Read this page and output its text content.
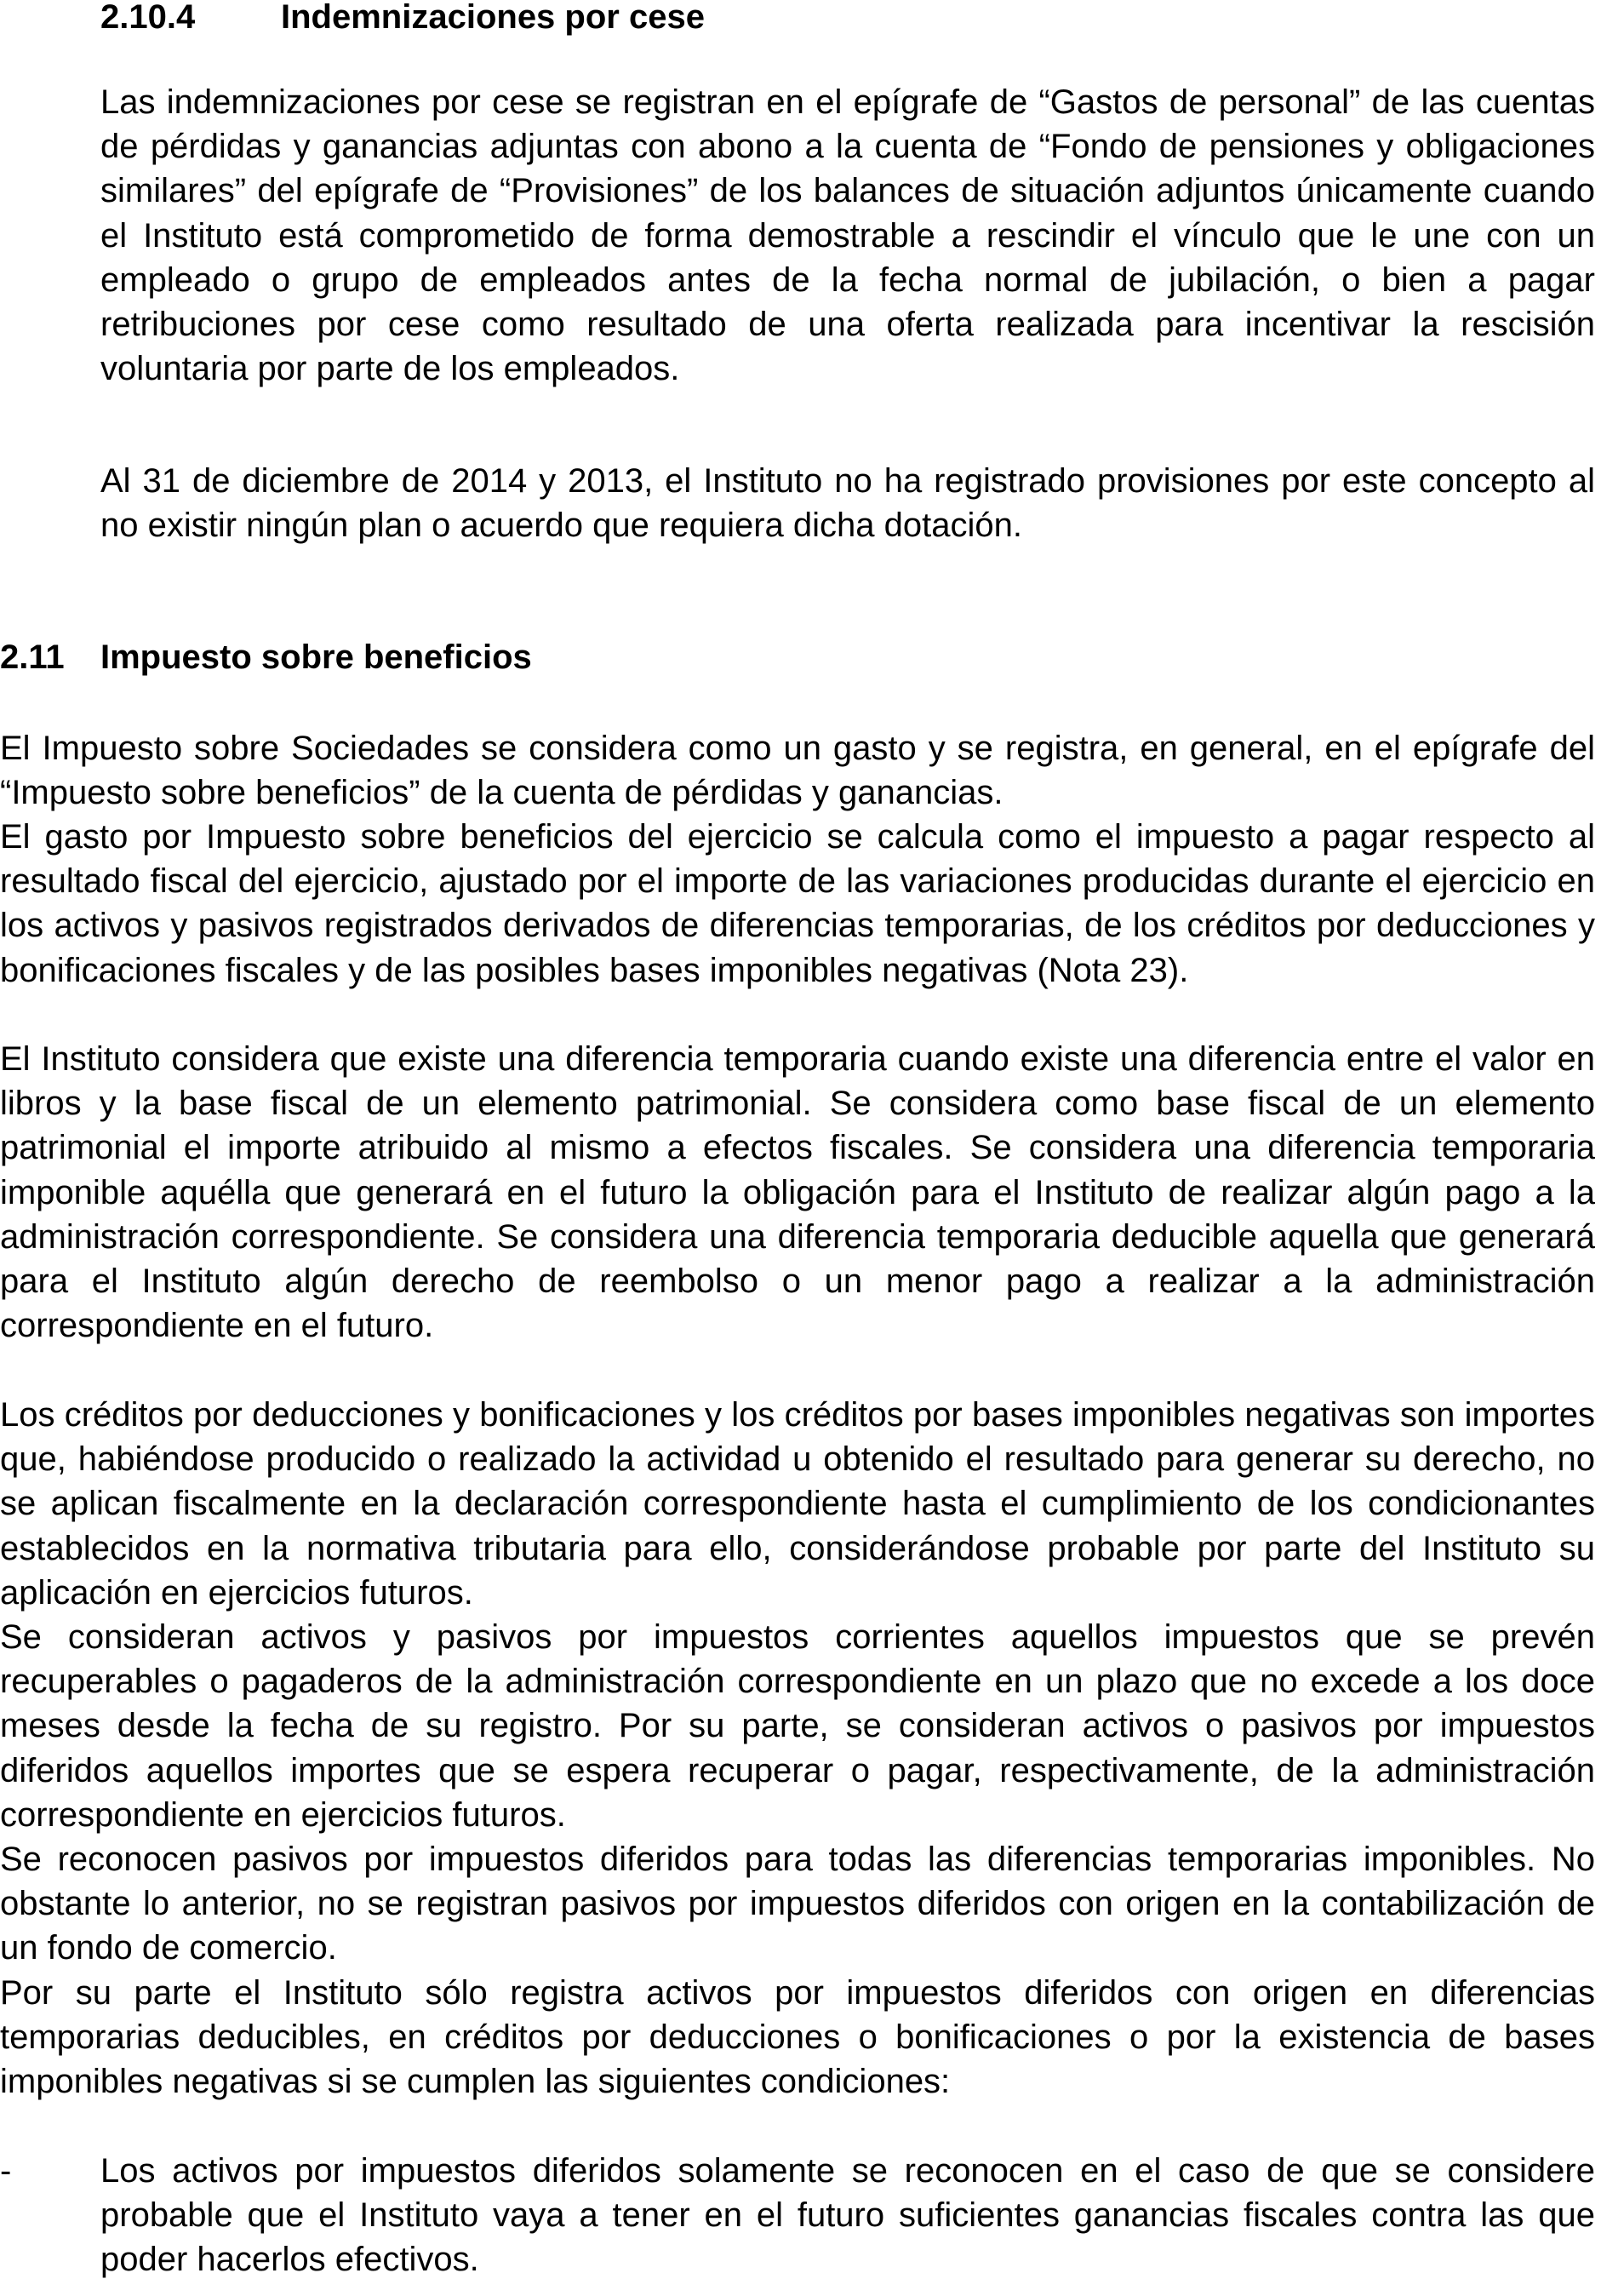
2.10.4	Indemnizaciones por cese

Las indemnizaciones por cese se registran en el epígrafe de “Gastos de personal” de las cuentas de pérdidas y ganancias adjuntas con abono a la cuenta de “Fondo de pensiones y obligaciones similares” del epígrafe de “Provisiones” de los balances de situación adjuntos únicamente cuando el Instituto está comprometido de forma demostrable a rescindir el vínculo que le une con un empleado o grupo de empleados antes de la fecha normal de jubilación, o bien a pagar retribuciones por cese como resultado de una oferta realizada para incentivar la rescisión voluntaria por parte de los empleados.

Al 31 de diciembre de 2014 y 2013, el Instituto no ha registrado provisiones por este concepto al no existir ningún plan o acuerdo que requiera dicha dotación.

2.11 Impuesto sobre beneficios

El Impuesto sobre Sociedades se considera como un gasto y se registra, en general, en el epígrafe del “Impuesto sobre beneficios” de la cuenta de pérdidas y ganancias.

El gasto por Impuesto sobre beneficios del ejercicio se calcula como el impuesto a pagar respecto al resultado fiscal del ejercicio, ajustado por el importe de las variaciones producidas durante el ejercicio en los activos y pasivos registrados derivados de diferencias temporarias, de los créditos por deducciones y bonificaciones fiscales y de las posibles bases imponibles negativas (Nota 23).

El Instituto considera que existe una diferencia temporaria cuando existe una diferencia entre el valor en libros y la base fiscal de un elemento patrimonial. Se considera como base fiscal de un elemento patrimonial el importe atribuido al mismo a efectos fiscales. Se considera una diferencia temporaria imponible aquélla que generará en el futuro la obligación para el Instituto de realizar algún pago a la administración correspondiente. Se considera una diferencia temporaria deducible aquella que generará para el Instituto algún derecho de reembolso o un menor pago a realizar a la administración correspondiente en el futuro.

Los créditos por deducciones y bonificaciones y los créditos por bases imponibles negativas son importes que, habiéndose producido o realizado la actividad u obtenido el resultado para generar su derecho, no se aplican fiscalmente en la declaración correspondiente hasta el cumplimiento de los condicionantes establecidos en la normativa tributaria para ello, considerándose probable por parte del Instituto su aplicación en ejercicios futuros.

Se consideran activos y pasivos por impuestos corrientes aquellos impuestos que se prevén recuperables o pagaderos de la administración correspondiente en un plazo que no excede a los doce meses desde la fecha de su registro. Por su parte, se consideran activos o pasivos por impuestos diferidos aquellos importes que se espera recuperar o pagar, respectivamente, de la administración correspondiente en ejercicios futuros.

Se reconocen pasivos por impuestos diferidos para todas las diferencias temporarias imponibles. No obstante lo anterior, no se registran pasivos por impuestos diferidos con origen en la contabilización de un fondo de comercio.

Por su parte el Instituto sólo registra activos por impuestos diferidos con origen en diferencias temporarias deducibles, en créditos por deducciones o bonificaciones o por la existencia de bases imponibles negativas si se cumplen las siguientes condiciones:

-	Los activos por impuestos diferidos solamente se reconocen en el caso de que se considere probable que el Instituto vaya a tener en el futuro suficientes ganancias fiscales contra las que poder hacerlos efectivos.
